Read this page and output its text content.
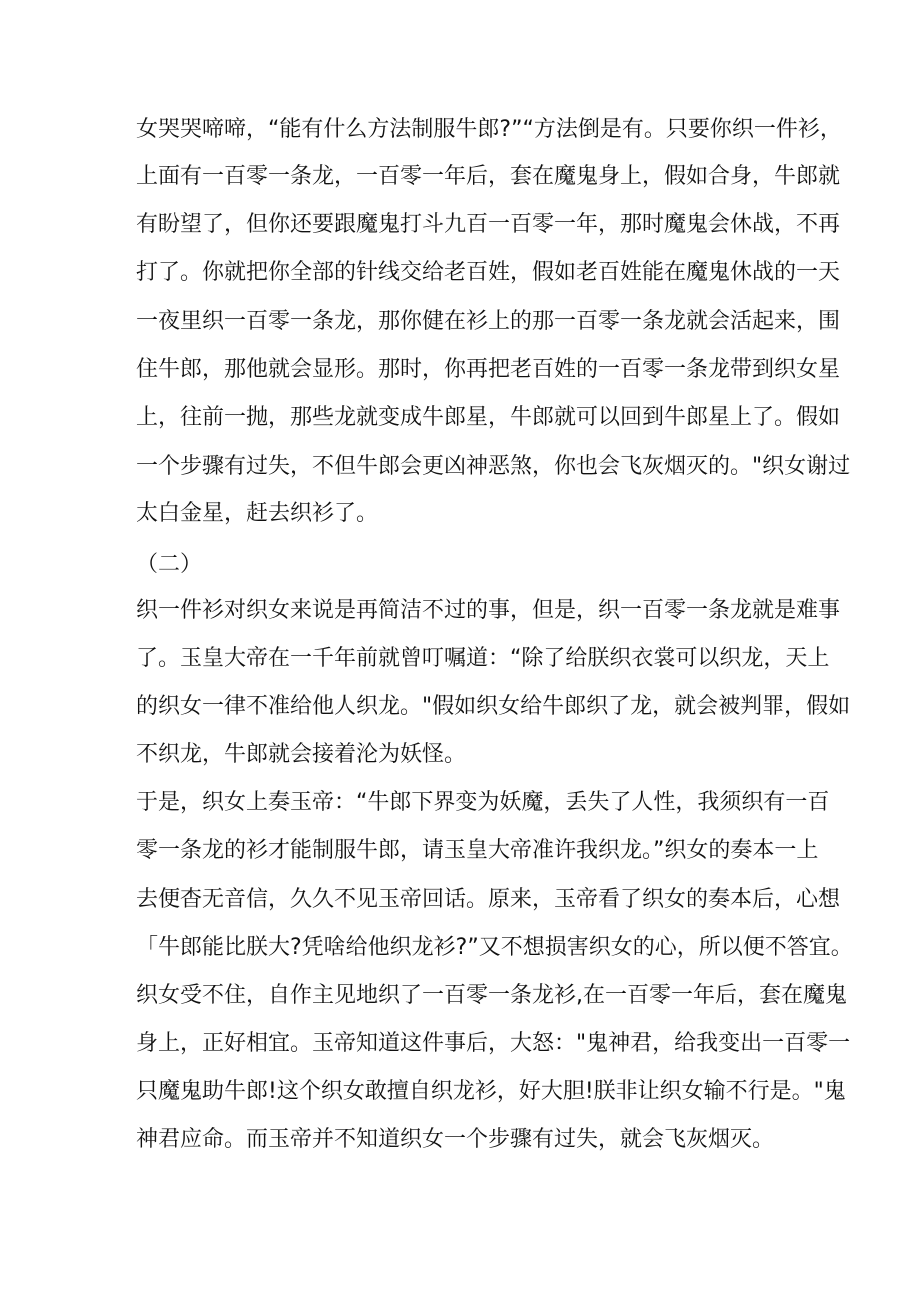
女哭哭啼啼，“能有什么方法制服牛郎?”“方法倒是有。只要你织一件衫，
上面有一百零一条龙，一百零一年后，套在魔鬼身上，假如合身，牛郎就
有盼望了，但你还要跟魔鬼打斗九百一百零一年，那时魔鬼会休战，不再
打了。你就把你全部的针线交给老百姓，假如老百姓能在魔鬼休战的一天
一夜里织一百零一条龙，那你健在衫上的那一百零一条龙就会活起来，围
住牛郎，那他就会显形。那时，你再把老百姓的一百零一条龙带到织女星
上，往前一抛，那些龙就变成牛郎星，牛郎就可以回到牛郎星上了。假如
一个步骤有过失，不但牛郎会更凶神恶煞，你也会飞灰烟灭的。"织女谢过
太白金星，赶去织衫了。
（二）
织一件衫对织女来说是再简洁不过的事，但是，织一百零一条龙就是难事
了。玉皇大帝在一千年前就曾叮嘱道：“除了给朕织衣裳可以织龙，天上
的织女一律不准给他人织龙。"假如织女给牛郎织了龙，就会被判罪，假如
不织龙，牛郎就会接着沦为妖怪。
于是，织女上奏玉帝：“牛郎下界变为妖魔，丢失了人性，我须织有一百
零一条龙的衫才能制服牛郎，请玉皇大帝准许我织龙。”织女的奏本一上
去便杳无音信，久久不见玉帝回话。原来，玉帝看了织女的奏本后，心想
「牛郎能比朕大?凭啥给他织龙衫?”又不想损害织女的心，所以便不答宜。
织女受不住，自作主见地织了一百零一条龙衫,在一百零一年后，套在魔鬼
身上，正好相宜。玉帝知道这件事后，大怒："鬼神君，给我变出一百零一
只魔鬼助牛郎!这个织女敢擅自织龙衫，好大胆!朕非让织女输不行是。"鬼
神君应命。而玉帝并不知道织女一个步骤有过失，就会飞灰烟灭。
